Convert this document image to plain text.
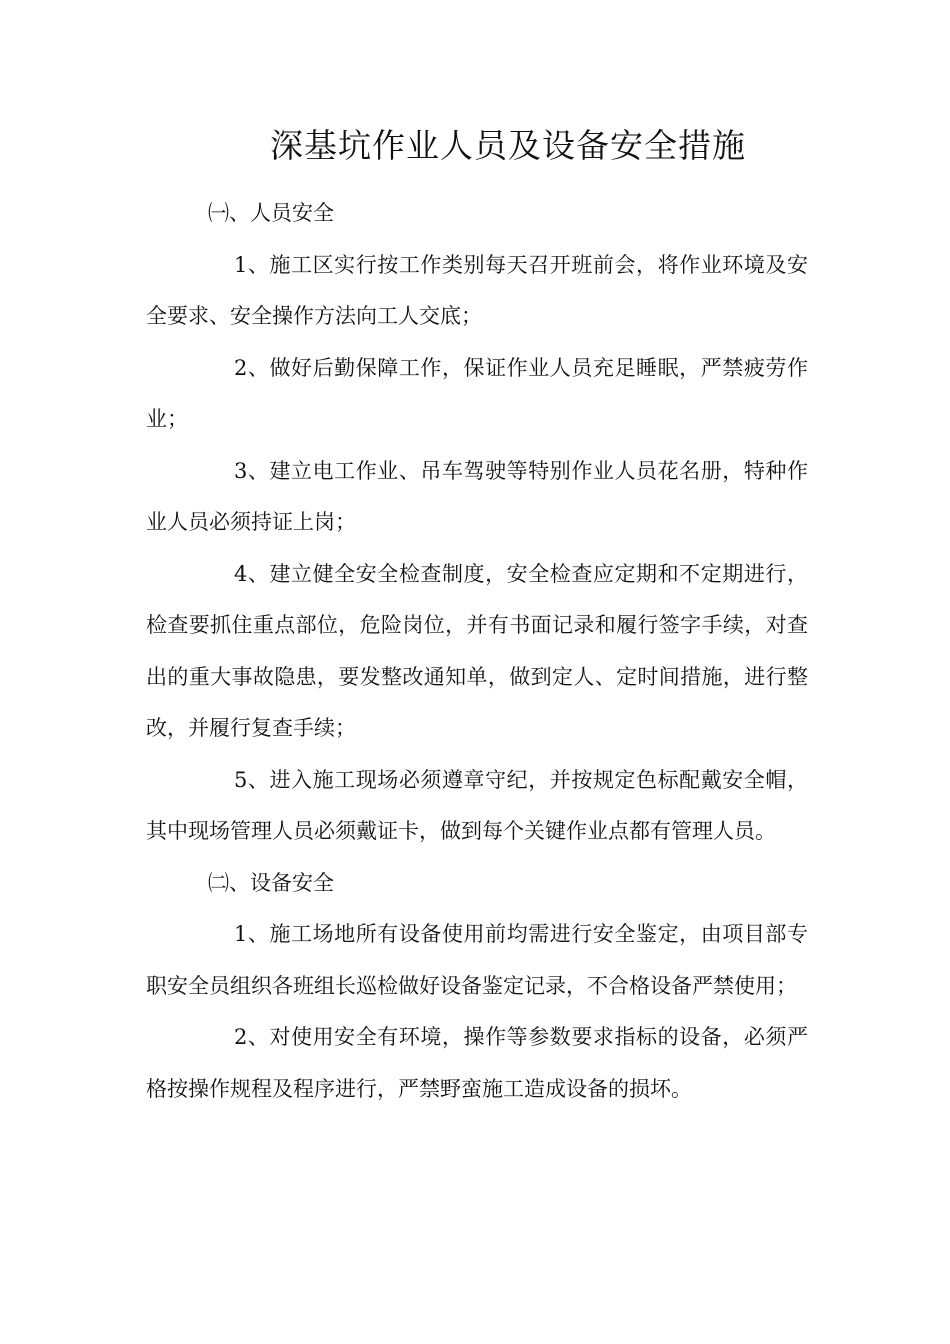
深基坑作业人员及设备安全措施

㈠、人员安全

1、施工区实行按工作类别每天召开班前会，将作业环境及安全要求、安全操作方法向工人交底；

2、做好后勤保障工作，保证作业人员充足睡眠，严禁疲劳作业；

3、建立电工作业、吊车驾驶等特别作业人员花名册，特种作业人员必须持证上岗；

4、建立健全安全检查制度，安全检查应定期和不定期进行，检查要抓住重点部位，危险岗位，并有书面记录和履行签字手续，对查出的重大事故隐患，要发整改通知单，做到定人、定时间措施，进行整改，并履行复查手续；

5、进入施工现场必须遵章守纪，并按规定色标配戴安全帽，其中现场管理人员必须戴证卡，做到每个关键作业点都有管理人员。

㈡、设备安全

1、施工场地所有设备使用前均需进行安全鉴定，由项目部专职安全员组织各班组长巡检做好设备鉴定记录，不合格设备严禁使用；

2、对使用安全有环境，操作等参数要求指标的设备，必须严格按操作规程及程序进行，严禁野蛮施工造成设备的损坏。
